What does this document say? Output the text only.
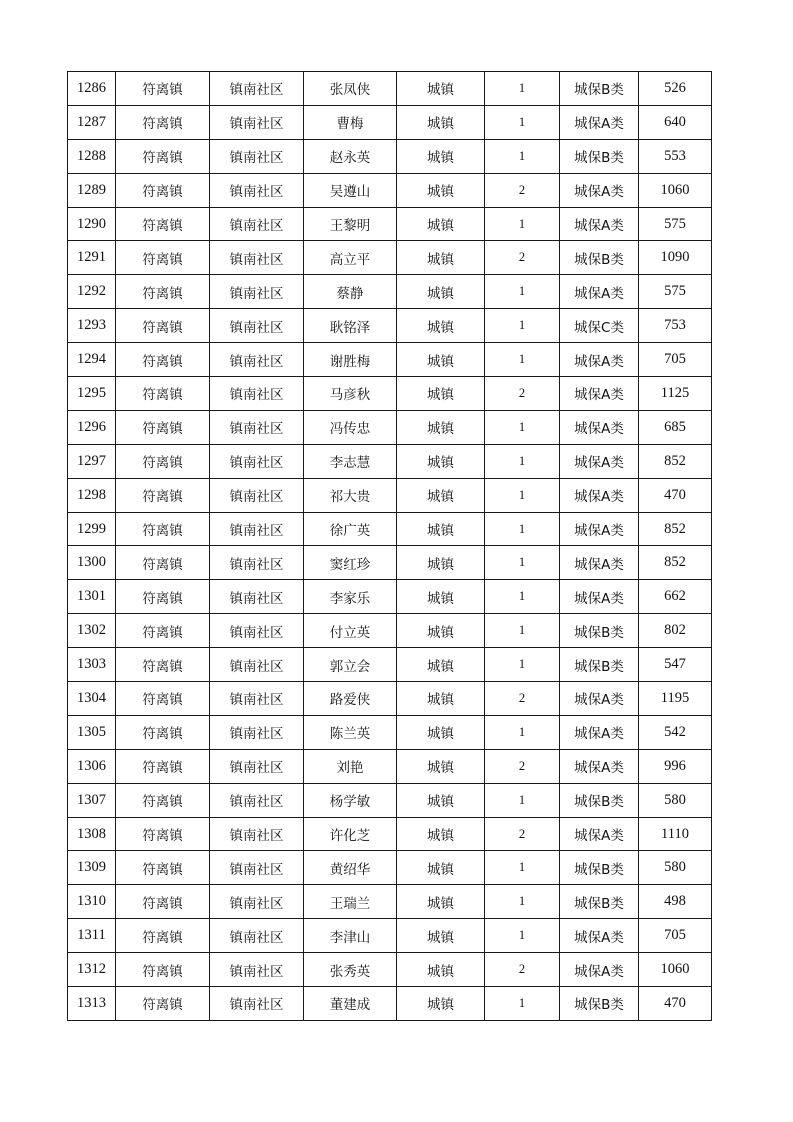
1286	符离镇	镇南社区	张凤侠	城镇	1	城保B类	526
1287	符离镇	镇南社区	曹梅	城镇	1	城保A类	640
1288	符离镇	镇南社区	赵永英	城镇	1	城保B类	553
1289	符离镇	镇南社区	吴遵山	城镇	2	城保A类	1060
1290	符离镇	镇南社区	王黎明	城镇	1	城保A类	575
1291	符离镇	镇南社区	高立平	城镇	2	城保B类	1090
1292	符离镇	镇南社区	蔡静	城镇	1	城保A类	575
1293	符离镇	镇南社区	耿铭泽	城镇	1	城保C类	753
1294	符离镇	镇南社区	谢胜梅	城镇	1	城保A类	705
1295	符离镇	镇南社区	马彦秋	城镇	2	城保A类	1125
1296	符离镇	镇南社区	冯传忠	城镇	1	城保A类	685
1297	符离镇	镇南社区	李志慧	城镇	1	城保A类	852
1298	符离镇	镇南社区	祁大贵	城镇	1	城保A类	470
1299	符离镇	镇南社区	徐广英	城镇	1	城保A类	852
1300	符离镇	镇南社区	窦红珍	城镇	1	城保A类	852
1301	符离镇	镇南社区	李家乐	城镇	1	城保A类	662
1302	符离镇	镇南社区	付立英	城镇	1	城保B类	802
1303	符离镇	镇南社区	郭立会	城镇	1	城保B类	547
1304	符离镇	镇南社区	路爱侠	城镇	2	城保A类	1195
1305	符离镇	镇南社区	陈兰英	城镇	1	城保A类	542
1306	符离镇	镇南社区	刘艳	城镇	2	城保A类	996
1307	符离镇	镇南社区	杨学敏	城镇	1	城保B类	580
1308	符离镇	镇南社区	许化芝	城镇	2	城保A类	1110
1309	符离镇	镇南社区	黄绍华	城镇	1	城保B类	580
1310	符离镇	镇南社区	王瑞兰	城镇	1	城保B类	498
1311	符离镇	镇南社区	李津山	城镇	1	城保A类	705
1312	符离镇	镇南社区	张秀英	城镇	2	城保A类	1060
1313	符离镇	镇南社区	董建成	城镇	1	城保B类	470
